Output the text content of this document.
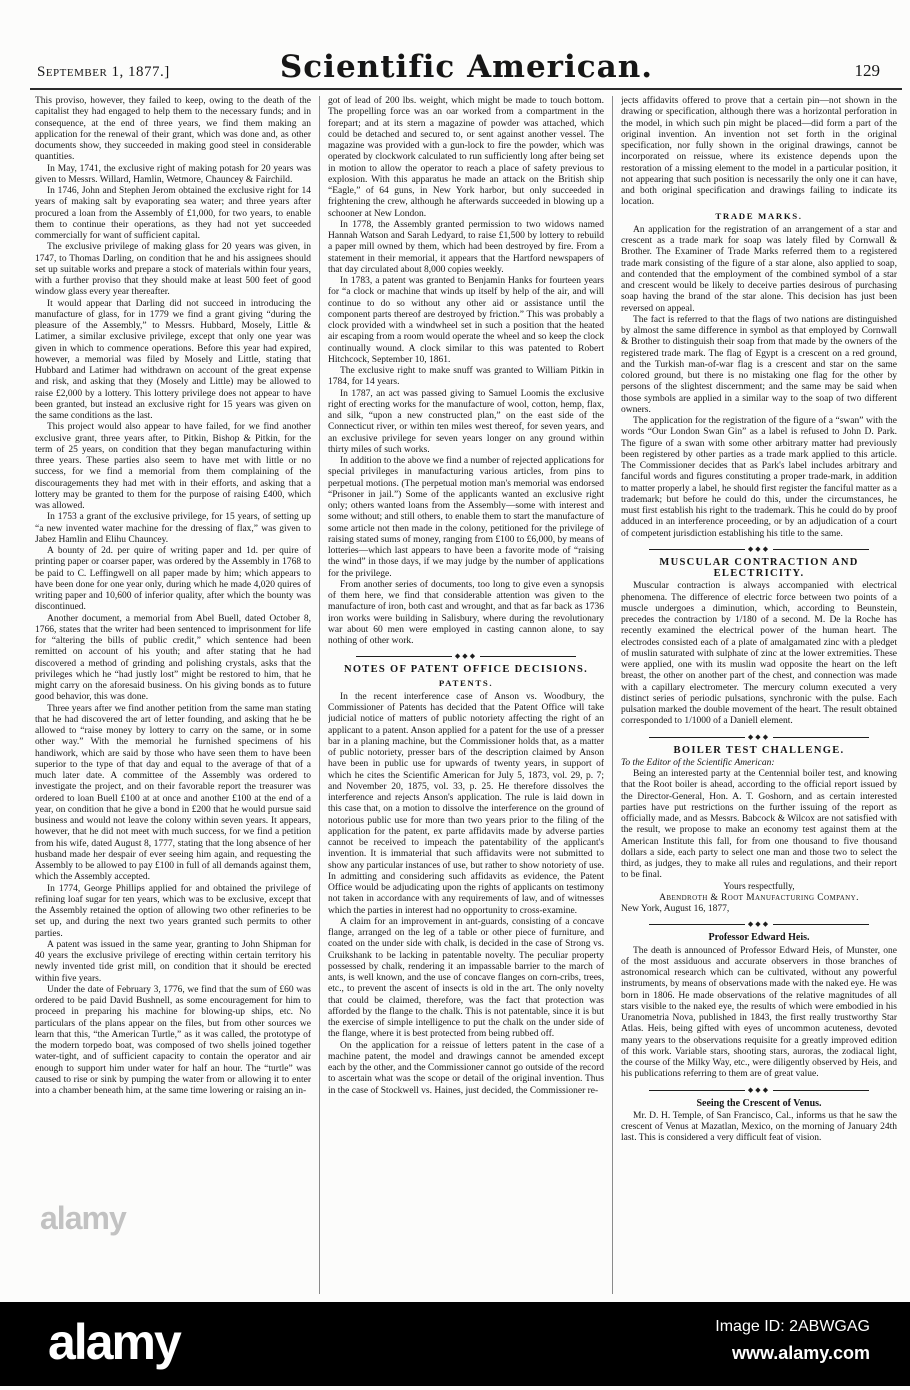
September 1, 1877.]	Scientific American.	129
This proviso, however, they failed to keep, owing to the death of the capitalist they had engaged to help them to the necessary funds; and in consequence, at the end of three years, we find them making an application for the renewal of their grant, which was done and, as other documents show, they succeeded in making good steel in considerable quantities.
In May, 1741, the exclusive right of making potash for 20 years was given to Messrs. Willard, Hamlin, Wetmore, Chauncey & Fairchild.
In 1746, John and Stephen Jerom obtained the exclusive right for 14 years of making salt by evaporating sea water; and three years after procured a loan from the Assembly of £1,000, for two years, to enable them to continue their operations, as they had not yet succeeded commercially for want of sufficient capital.
The exclusive privilege of making glass for 20 years was given, in 1747, to Thomas Darling, on condition that he and his assignees should set up suitable works and prepare a stock of materials within four years, with a further proviso that they should make at least 500 feet of good window glass every year thereafter.
It would appear that Darling did not succeed in introducing the manufacture of glass, for in 1779 we find a grant giving “during the pleasure of the Assembly,” to Messrs. Hubbard, Mosely, Little & Latimer, a similar exclusive privilege, except that only one year was given in which to commence operations. Before this year had expired, however, a memorial was filed by Mosely and Little, stating that Hubbard and Latimer had withdrawn on account of the great expense and risk, and asking that they (Mosely and Little) may be allowed to raise £2,000 by a lottery. This lottery privilege does not appear to have been granted, but instead an exclusive right for 15 years was given on the same conditions as the last.
This project would also appear to have failed, for we find another exclusive grant, three years after, to Pitkin, Bishop & Pitkin, for the term of 25 years, on condition that they began manufacturing within three years. These parties also seem to have met with little or no success, for we find a memorial from them complaining of the discouragements they had met with in their efforts, and asking that a lottery may be granted to them for the purpose of raising £400, which was allowed.
In 1753 a grant of the exclusive privilege, for 15 years, of setting up “a new invented water machine for the dressing of flax,” was given to Jabez Hamlin and Elihu Chauncey.
A bounty of 2d. per quire of writing paper and 1d. per quire of printing paper or coarser paper, was ordered by the Assembly in 1768 to be paid to C. Leffingwell on all paper made by him; which appears to have been done for one year only, during which he made 4,020 quires of writing paper and 10,600 of inferior quality, after which the bounty was discontinued.
Another document, a memorial from Abel Buell, dated October 8, 1766, states that the writer had been sentenced to imprisonment for life for “altering the bills of public credit,” which sentence had been remitted on account of his youth; and after stating that he had discovered a method of grinding and polishing crystals, asks that the privileges which he “had justly lost” might be restored to him, that he might carry on the aforesaid business. On his giving bonds as to future good behavior, this was done.
Three years after we find another petition from the same man stating that he had discovered the art of letter founding, and asking that he be allowed to “raise money by lottery to carry on the same, or in some other way.” With the memorial he furnished specimens of his handiwork, which are said by those who have seen them to have been superior to the type of that day and equal to the average of that of a much later date. A committee of the Assembly was ordered to investigate the project, and on their favorable report the treasurer was ordered to loan Buell £100 at at once and another £100 at the end of a year, on condition that he give a bond in £200 that he would pursue said business and would not leave the colony within seven years. It appears, however, that he did not meet with much success, for we find a petition from his wife, dated August 8, 1777, stating that the long absence of her husband made her despair of ever seeing him again, and requesting the Assembly to be allowed to pay £100 in full of all demands against them, which the Assembly accepted.
In 1774, George Phillips applied for and obtained the privilege of refining loaf sugar for ten years, which was to be exclusive, except that the Assembly retained the option of allowing two other refineries to be set up, and during the next two years granted such permits to other parties.
A patent was issued in the same year, granting to John Shipman for 40 years the exclusive privilege of erecting within certain territory his newly invented tide grist mill, on condition that it should be erected within five years.
Under the date of February 3, 1776, we find that the sum of £60 was ordered to be paid David Bushnell, as some encouragement for him to proceed in preparing his machine for blowing-up ships, etc. No particulars of the plans appear on the files, but from other sources we learn that this, “the American Turtle,” as it was called, the prototype of the modern torpedo boat, was composed of two shells joined together water-tight, and of sufficient capacity to contain the operator and air enough to support him under water for half an hour. The “turtle” was caused to rise or sink by pumping the water from or allowing it to enter into a chamber beneath him, at the same time lowering or raising an in-
got of lead of 200 lbs. weight, which might be made to touch bottom. The propelling force was an oar worked from a compartment in the forepart; and at its stern a magazine of powder was attached, which could be detached and secured to, or sent against another vessel. The magazine was provided with a gun-lock to fire the powder, which was operated by clockwork calculated to run sufficiently long after being set in motion to allow the operator to reach a place of safety previous to explosion. With this apparatus he made an attack on the British ship “Eagle,” of 64 guns, in New York harbor, but only succeeded in frightening the crew, although he afterwards succeeded in blowing up a schooner at New London.
In 1778, the Assembly granted permission to two widows named Hannah Watson and Sarah Ledyard, to raise £1,500 by lottery to rebuild a paper mill owned by them, which had been destroyed by fire. From a statement in their memorial, it appears that the Hartford newspapers of that day circulated about 8,000 copies weekly.
In 1783, a patent was granted to Benjamin Hanks for fourteen years for “a clock or machine that winds up itself by help of the air, and will continue to do so without any other aid or assistance until the component parts thereof are destroyed by friction.” This was probably a clock provided with a windwheel set in such a position that the heated air escaping from a room would operate the wheel and so keep the clock continually wound. A clock similar to this was patented to Robert Hitchcock, September 10, 1861.
The exclusive right to make snuff was granted to William Pitkin in 1784, for 14 years.
In 1787, an act was passed giving to Samuel Loomis the exclusive right of erecting works for the manufacture of wool, cotton, hemp, flax, and silk, “upon a new constructed plan,” on the east side of the Connecticut river, or within ten miles west thereof, for seven years, and an exclusive privilege for seven years longer on any ground within thirty miles of such works.
In addition to the above we find a number of rejected applications for special privileges in manufacturing various articles, from pins to perpetual motions. (The perpetual motion man's memorial was endorsed “Prisoner in jail.”) Some of the applicants wanted an exclusive right only; others wanted loans from the Assembly—some with interest and some without; and still others, to enable them to start the manufacture of some article not then made in the colony, petitioned for the privilege of raising stated sums of money, ranging from £100 to £6,000, by means of lotteries—which last appears to have been a favorite mode of “raising the wind” in those days, if we may judge by the number of applications for the privilege.
From another series of documents, too long to give even a synopsis of them here, we find that considerable attention was given to the manufacture of iron, both cast and wrought, and that as far back as 1736 iron works were building in Salisbury, where during the revolutionary war about 60 men were employed in casting cannon alone, to say nothing of other work.
◆◆◆
NOTES OF PATENT OFFICE DECISIONS.
PATENTS.
In the recent interference case of Anson vs. Woodbury, the Commissioner of Patents has decided that the Patent Office will take judicial notice of matters of public notoriety affecting the right of an applicant to a patent. Anson applied for a patent for the use of a presser bar in a planing machine, but the Commissioner holds that, as a matter of public notoriety, presser bars of the description claimed by Anson have been in public use for upwards of twenty years, in support of which he cites the Scientific American for July 5, 1873, vol. 29, p. 7; and November 20, 1875, vol. 33, p. 25. He therefore dissolves the interference and rejects Anson's application. The rule is laid down in this case that, on a motion to dissolve the interference on the ground of notorious public use for more than two years prior to the filing of the application for the patent, ex parte affidavits made by adverse parties cannot be received to impeach the patentability of the applicant's invention. It is immaterial that such affidavits were not submitted to show any particular instances of use, but rather to show notoriety of use. In admitting and considering such affidavits as evidence, the Patent Office would be adjudicating upon the rights of applicants on testimony not taken in accordance with any requirements of law, and of witnesses which the parties in interest had no opportunity to cross-examine.
A claim for an improvement in ant-guards, consisting of a concave flange, arranged on the leg of a table or other piece of furniture, and coated on the under side with chalk, is decided in the case of Strong vs. Cruikshank to be lacking in patentable novelty. The peculiar property possessed by chalk, rendering it an impassable barrier to the march of ants, is well known, and the use of concave flanges on corn-cribs, trees, etc., to prevent the ascent of insects is old in the art. The only novelty that could be claimed, therefore, was the fact that protection was afforded by the flange to the chalk. This is not patentable, since it is but the exercise of simple intelligence to put the chalk on the under side of the flange, where it is best protected from being rubbed off.
On the application for a reissue of letters patent in the case of a machine patent, the model and drawings cannot be amended except each by the other, and the Commissioner cannot go outside of the record to ascertain what was the scope or detail of the original invention. Thus in the case of Stockwell vs. Haines, just decided, the Commissioner re-
jects affidavits offered to prove that a certain pin—not shown in the drawing or specification, although there was a horizontal perforation in the model, in which such pin might be placed—did form a part of the original invention. An invention not set forth in the original specification, nor fully shown in the original drawings, cannot be incorporated on reissue, where its existence depends upon the restoration of a missing element to the model in a particular position, it not appearing that such position is necessarily the only one it can have, and both original specification and drawings failing to indicate its location.
TRADE MARKS.
An application for the registration of an arrangement of a star and crescent as a trade mark for soap was lately filed by Cornwall & Brother. The Examiner of Trade Marks referred them to a registered trade mark consisting of the figure of a star alone, also applied to soap, and contended that the employment of the combined symbol of a star and crescent would be likely to deceive parties desirous of purchasing soap having the brand of the star alone. This decision has just been reversed on appeal.
The fact is referred to that the flags of two nations are distinguished by almost the same difference in symbol as that employed by Cornwall & Brother to distinguish their soap from that made by the owners of the registered trade mark. The flag of Egypt is a crescent on a red ground, and the Turkish man-of-war flag is a crescent and star on the same colored ground, but there is no mistaking one flag for the other by persons of the slightest discernment; and the same may be said when those symbols are applied in a similar way to the soap of two different owners.
The application for the registration of the figure of a “swan” with the words “Our London Swan Gin” as a label is refused to John D. Park. The figure of a swan with some other arbitrary matter had previously been registered by other parties as a trade mark applied to this article. The Commissioner decides that as Park's label includes arbitrary and fanciful words and figures constituting a proper trade-mark, in addition to matter properly a label, he should first register the fanciful matter as a trademark; but before he could do this, under the circumstances, he must first establish his right to the trademark. This he could do by proof adduced in an interference proceeding, or by an adjudication of a court of competent jurisdiction establishing his title to the same.
◆◆◆
MUSCULAR CONTRACTION AND ELECTRICITY.
Muscular contraction is always accompanied with electrical phenomena. The difference of electric force between two points of a muscle undergoes a diminution, which, according to Beunstein, precedes the contraction by 1/180 of a second. M. De la Roche has recently examined the electrical power of the human heart. The electrodes consisted each of a plate of amalgamated zinc with a pledget of muslin saturated with sulphate of zinc at the lower extremities. These were applied, one with its muslin wad opposite the heart on the left breast, the other on another part of the chest, and connection was made with a capillary electrometer. The mercury column executed a very distinct series of periodic pulsations, synchronic with the pulse. Each pulsation marked the double movement of the heart. The result obtained corresponded to 1/1000 of a Daniell element.
◆◆◆
BOILER TEST CHALLENGE.
To the Editor of the Scientific American:
Being an interested party at the Centennial boiler test, and knowing that the Root boiler is ahead, according to the official report issued by the Director-General, Hon. A. T. Goshorn, and as certain interested parties have put restrictions on the further issuing of the report as officially made, and as Messrs. Babcock & Wilcox are not satisfied with the result, we propose to make an economy test against them at the American Institute this fall, for from one thousand to five thousand dollars a side, each party to select one man and those two to select the third, as judges, they to make all rules and regulations, and their report to be final.
Yours respectfully,
Abendroth & Root Manufacturing Company.
New York, August 16, 1877,
◆◆◆
Professor Edward Heis.
The death is announced of Professor Edward Heis, of Munster, one of the most assiduous and accurate observers in those branches of astronomical research which can be cultivated, without any powerful instruments, by means of observations made with the naked eye. He was born in 1806. He made observations of the relative magnitudes of all stars visible to the naked eye, the results of which were embodied in his Uranometria Nova, published in 1843, the first really trustworthy Star Atlas. Heis, being gifted with eyes of uncommon acuteness, devoted many years to the observations requisite for a greatly improved edition of this work. Variable stars, shooting stars, auroras, the zodiacal light, the course of the Milky Way, etc., were diligently observed by Heis, and his publications referring to them are of great value.
◆◆◆
Seeing the Crescent of Venus.
Mr. D. H. Temple, of San Francisco, Cal., informs us that he saw the crescent of Venus at Mazatlan, Mexico, on the morning of January 24th last. This is considered a very difficult feat of vision.
alamy
alamy	Image ID: 2ABWGAG
www.alamy.com
